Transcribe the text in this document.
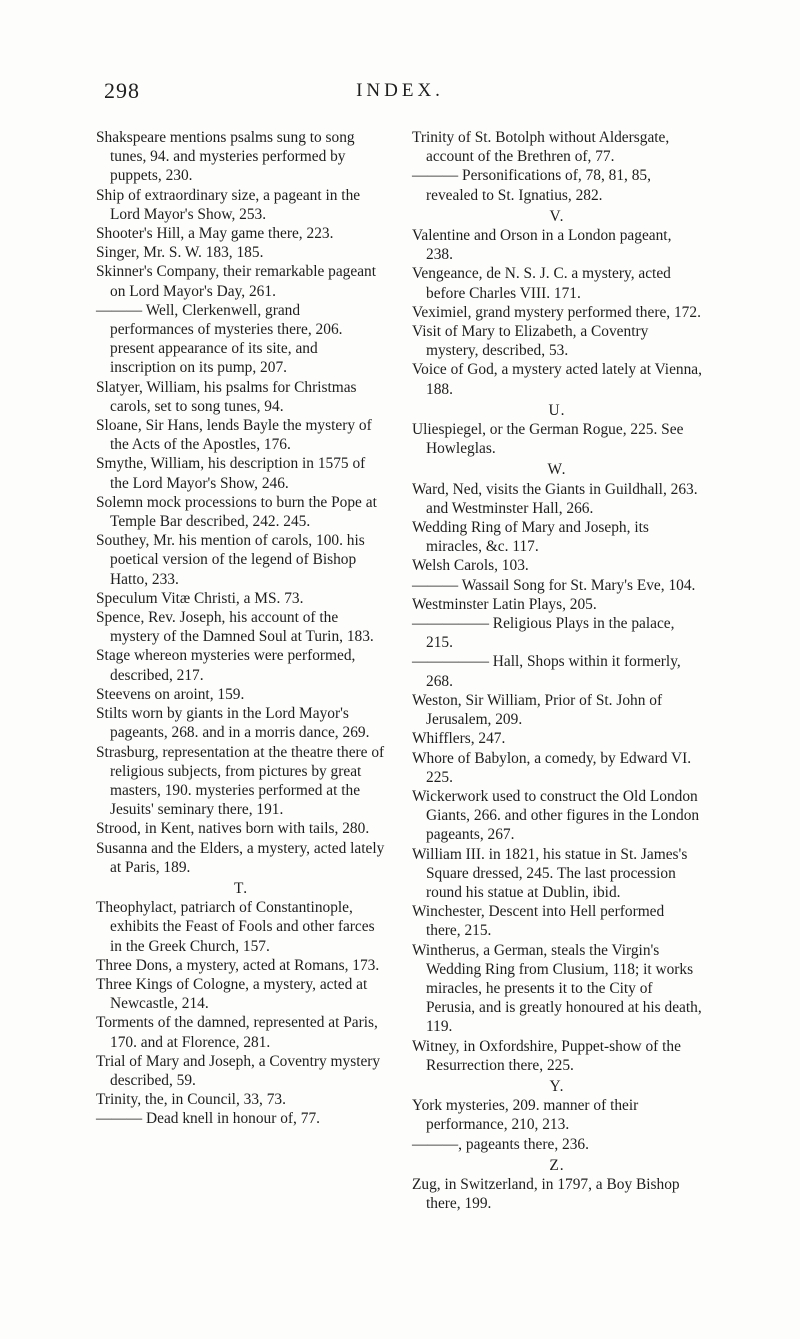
298	INDEX.

Shakspeare mentions psalms sung to song tunes, 94. and mysteries performed by puppets, 230.

Ship of extraordinary size, a pageant in the Lord Mayor's Show, 253.

Shooter's Hill, a May game there, 223.

Singer, Mr. S. W. 183, 185.

Skinner's Company, their remarkable pageant on Lord Mayor's Day, 261.

——— Well, Clerkenwell, grand performances of mysteries there, 206. present appearance of its site, and inscription on its pump, 207.

Slatyer, William, his psalms for Christmas carols, set to song tunes, 94.

Sloane, Sir Hans, lends Bayle the mystery of the Acts of the Apostles, 176.

Smythe, William, his description in 1575 of the Lord Mayor's Show, 246.

Solemn mock processions to burn the Pope at Temple Bar described, 242. 245.

Southey, Mr. his mention of carols, 100. his poetical version of the legend of Bishop Hatto, 233.

Speculum Vitæ Christi, a MS. 73.

Spence, Rev. Joseph, his account of the mystery of the Damned Soul at Turin, 183.

Stage whereon mysteries were performed, described, 217.

Steevens on aroint, 159.

Stilts worn by giants in the Lord Mayor's pageants, 268. and in a morris dance, 269.

Strasburg, representation at the theatre there of religious subjects, from pictures by great masters, 190. mysteries performed at the Jesuits' seminary there, 191.

Strood, in Kent, natives born with tails, 280.

Susanna and the Elders, a mystery, acted lately at Paris, 189.

T.

Theophylact, patriarch of Constantinople, exhibits the Feast of Fools and other farces in the Greek Church, 157.

Three Dons, a mystery, acted at Romans, 173.

Three Kings of Cologne, a mystery, acted at Newcastle, 214.

Torments of the damned, represented at Paris, 170. and at Florence, 281.

Trial of Mary and Joseph, a Coventry mystery described, 59.

Trinity, the, in Council, 33, 73.

——— Dead knell in honour of, 77.

Trinity of St. Botolph without Aldersgate, account of the Brethren of, 77.

——— Personifications of, 78, 81, 85, revealed to St. Ignatius, 282.

V.

Valentine and Orson in a London pageant, 238.

Vengeance, de N. S. J. C. a mystery, acted before Charles VIII. 171.

Veximiel, grand mystery performed there, 172.

Visit of Mary to Elizabeth, a Coventry mystery, described, 53.

Voice of God, a mystery acted lately at Vienna, 188.

U.

Uliespiegel, or the German Rogue, 225. See Howleglas.

W.

Ward, Ned, visits the Giants in Guildhall, 263. and Westminster Hall, 266.

Wedding Ring of Mary and Joseph, its miracles, &c. 117.

Welsh Carols, 103.

——— Wassail Song for St. Mary's Eve, 104.

Westminster Latin Plays, 205.

————— Religious Plays in the palace, 215.

————— Hall, Shops within it formerly, 268.

Weston, Sir William, Prior of St. John of Jerusalem, 209.

Whifflers, 247.

Whore of Babylon, a comedy, by Edward VI. 225.

Wickerwork used to construct the Old London Giants, 266. and other figures in the London pageants, 267.

William III. in 1821, his statue in St. James's Square dressed, 245. The last procession round his statue at Dublin, ibid.

Winchester, Descent into Hell performed there, 215.

Wintherus, a German, steals the Virgin's Wedding Ring from Clusium, 118; it works miracles, he presents it to the City of Perusia, and is greatly honoured at his death, 119.

Witney, in Oxfordshire, Puppet-show of the Resurrection there, 225.

Y.

York mysteries, 209. manner of their performance, 210, 213.

———, pageants there, 236.

Z.

Zug, in Switzerland, in 1797, a Boy Bishop there, 199.
